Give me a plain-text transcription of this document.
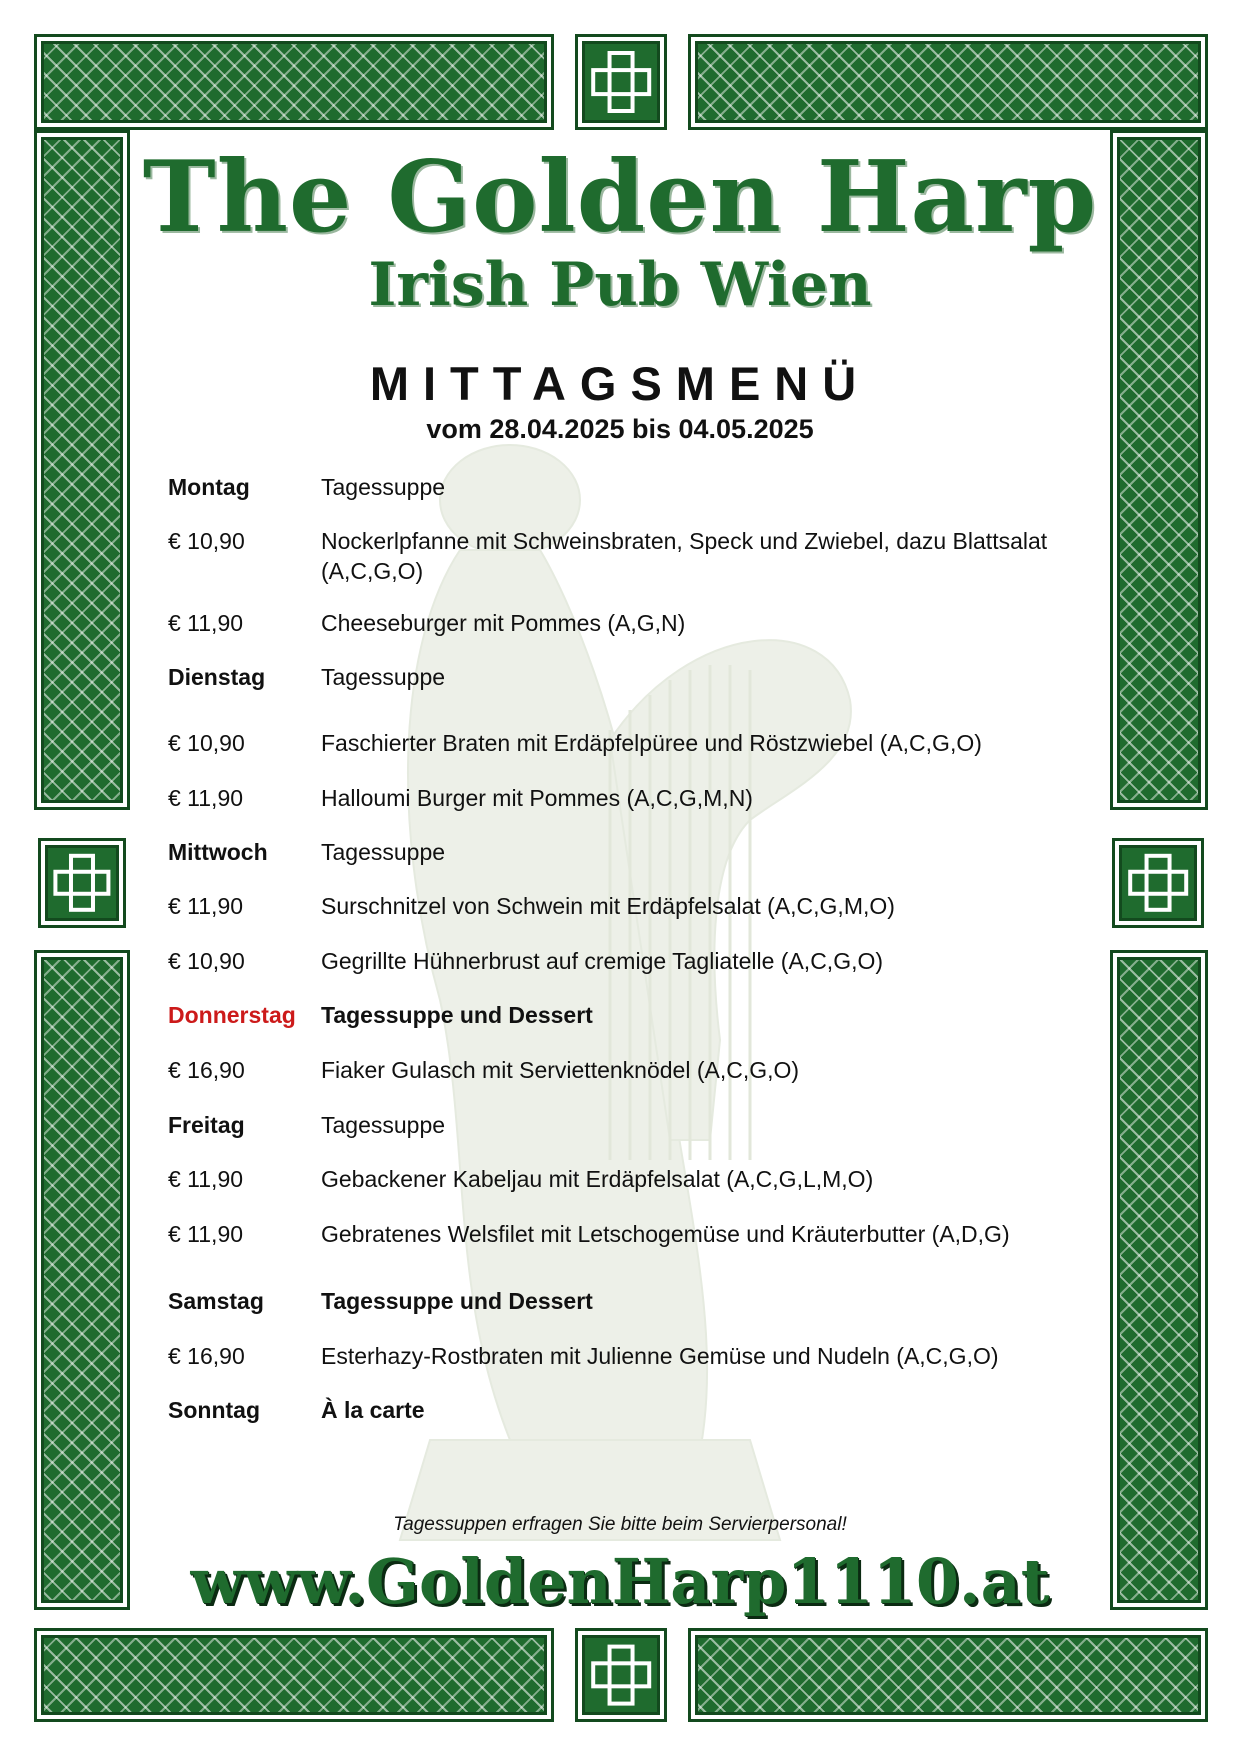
The Golden Harp
Irish Pub Wien
MITTAGSMENÜ
vom 28.04.2025 bis 04.05.2025
Montag	Tagessuppe
€ 10,90	Nockerlpfanne mit Schweinsbraten, Speck und Zwiebel, dazu Blattsalat (A,C,G,O)
€ 11,90	Cheeseburger mit Pommes (A,G,N)
Dienstag	Tagessuppe
€ 10,90	Faschierter Braten mit Erdäpfelpüree und Röstzwiebel (A,C,G,O)
€ 11,90	Halloumi Burger mit Pommes (A,C,G,M,N)
Mittwoch	Tagessuppe
€ 11,90	Surschnitzel von Schwein mit Erdäpfelsalat (A,C,G,M,O)
€ 10,90	Gegrillte Hühnerbrust auf cremige Tagliatelle (A,C,G,O)
Donnerstag	Tagessuppe und Dessert
€ 16,90	Fiaker Gulasch mit Serviettenknödel (A,C,G,O)
Freitag	Tagessuppe
€ 11,90	Gebackener Kabeljau mit Erdäpfelsalat (A,C,G,L,M,O)
€ 11,90	Gebratenes Welsfilet mit Letschogemüse und Kräuterbutter (A,D,G)
Samstag	Tagessuppe und Dessert
€ 16,90	Esterhazy-Rostbraten mit Julienne Gemüse und Nudeln (A,C,G,O)
Sonntag	À la carte
Tagessuppen erfragen Sie bitte beim Servierpersonal!
www.GoldenHarp1110.at
